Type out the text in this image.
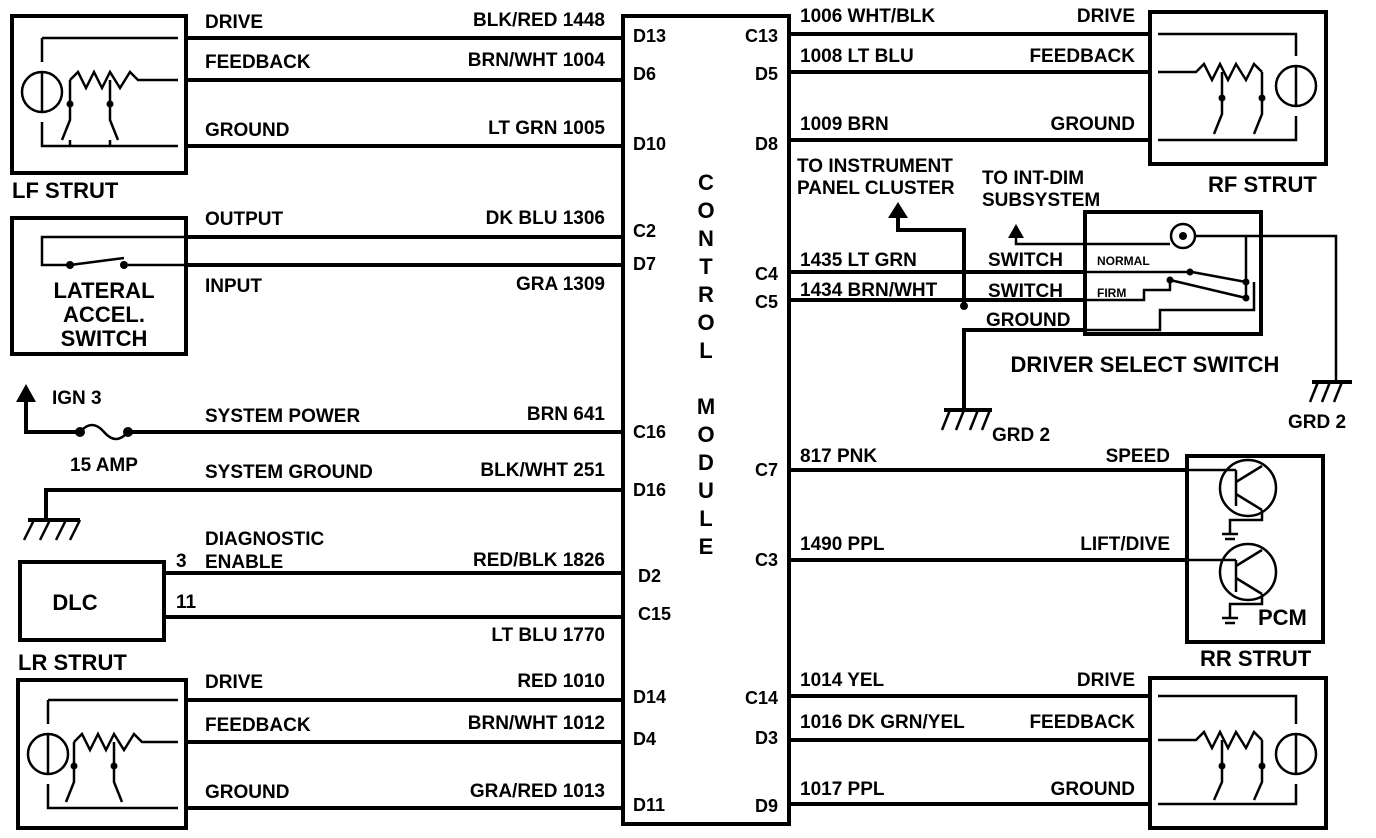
C
O
N
T
R
O
L
M
O
D
U
L
E
LF STRUT
DRIVE
FEEDBACK
GROUND
BLK/RED 1448
BRN/WHT 1004
LT GRN 1005
D13
D6
D10
LATERAL
ACCEL.
SWITCH
OUTPUT
INPUT
DK BLU 1306
GRA 1309
C2
D7
IGN 3
15 AMP
SYSTEM POWER	BRN 641
C16
SYSTEM GROUND	BLK/WHT 251
D16
DLC
3
11
DIAGNOSTIC
ENABLE	RED/BLK 1826
LT BLU 1770
D2
C15
LR STRUT
DRIVE
FEEDBACK
GROUND
RED 1010
BRN/WHT 1012
GRA/RED 1013
D14
D4
D11
RF STRUT
DRIVE
FEEDBACK
GROUND
1006 WHT/BLK
1008 LT BLU
1009 BRN
C13
D5
D8
TO INSTRUMENT
PANEL CLUSTER TO INT-DIM
SUBSYSTEM
NORMAL
FIRM
SWITCH
SWITCH
GROUND
DRIVER SELECT SWITCH
GRD 2
GRD 2
1435 LT GRN
1434 BRN/WHT
C4
C5
PCM
SPEED
LIFT/DIVE
817 PNK
1490 PPL
C7
C3
RR STRUT
DRIVE
FEEDBACK
GROUND
1014 YEL
1016 DK GRN/YEL
1017 PPL
C14
D3
D9
